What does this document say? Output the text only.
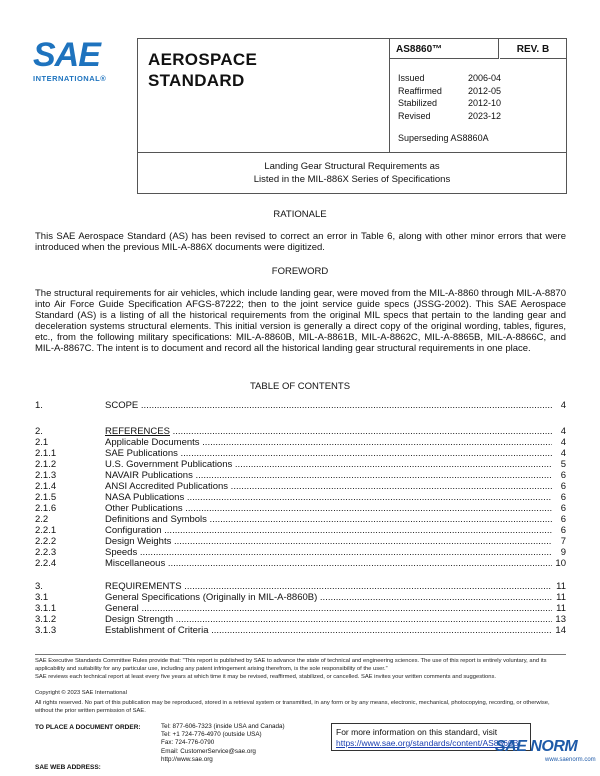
SAE
INTERNATIONAL®
AEROSPACE
STANDARD
AS8860™	REV. B
Issued	2006-04
Reaffirmed	2012-05
Stabilized	2012-10
Revised	2023-12
Superseding AS8860A
Landing Gear Structural Requirements as
Listed in the MIL-886X Series of Specifications
RATIONALE
This SAE Aerospace Standard (AS) has been revised to correct an error in Table 6, along with other minor errors that were introduced when the previous MIL-A-886X documents were digitized.
FOREWORD
The structural requirements for air vehicles, which include landing gear, were moved from the MIL-A-8860 through MIL-A-8870 into Air Force Guide Specification AFGS-87222; then to the joint service guide specs (JSSG-2002). This SAE Aerospace Standard (AS) is a listing of all the historical requirements from the original MIL specs that pertain to the landing gear and deceleration systems structural elements. This initial version is generally a direct copy of the original wording, tables, figures, etc., from the following military specifications: MIL-A-8860B, MIL-A-8861B, MIL-A-8862C, MIL-A-8865B, MIL-A-8866C, and MIL-A-8867C. The intent is to document and record all the historical landing gear structural requirements in one place.
TABLE OF CONTENTS
1.	SCOPE .....	4
2.	REFERENCES .....	4
2.1	Applicable Documents .....	4
2.1.1	SAE Publications .....	4
2.1.2	U.S. Government Publications .....	5
2.1.3	NAVAIR Publications .....	6
2.1.4	ANSI Accredited Publications .....	6
2.1.5	NASA Publications .....	6
2.1.6	Other Publications .....	6
2.2	Definitions and Symbols .....	6
2.2.1	Configuration .....	6
2.2.2	Design Weights .....	7
2.2.3	Speeds .....	9
2.2.4	Miscellaneous .....	10
3.	REQUIREMENTS .....	11
3.1	General Specifications (Originally in MIL-A-8860B) .....	11
3.1.1	General .....	11
3.1.2	Design Strength .....	13
3.1.3	Establishment of Criteria .....	14
SAE Executive Standards Committee Rules provide that: “This report is published by SAE to advance the state of technical and engineering sciences. The use of this report is entirely voluntary, and its applicability and suitability for any particular use, including any patent infringement arising therefrom, is the sole responsibility of the user.”
SAE reviews each technical report at least every five years at which time it may be revised, reaffirmed, stabilized, or cancelled. SAE invites your written comments and suggestions.
Copyright © 2023 SAE International
All rights reserved. No part of this publication may be reproduced, stored in a retrieval system or transmitted, in any form or by any means, electronic, mechanical, photocopying, recording, or otherwise, without the prior written permission of SAE.
TO PLACE A DOCUMENT ORDER:	Tel: 877-606-7323 (inside USA and Canada)
Tel: +1 724-776-4970 (outside USA)
Fax: 724-776-0790
Email: CustomerService@sae.org
http://www.sae.org
SAE WEB ADDRESS:
For more information on this standard, visit
https://www.sae.org/standards/content/AS8860B
SAE NORM
www.saenorm.com
